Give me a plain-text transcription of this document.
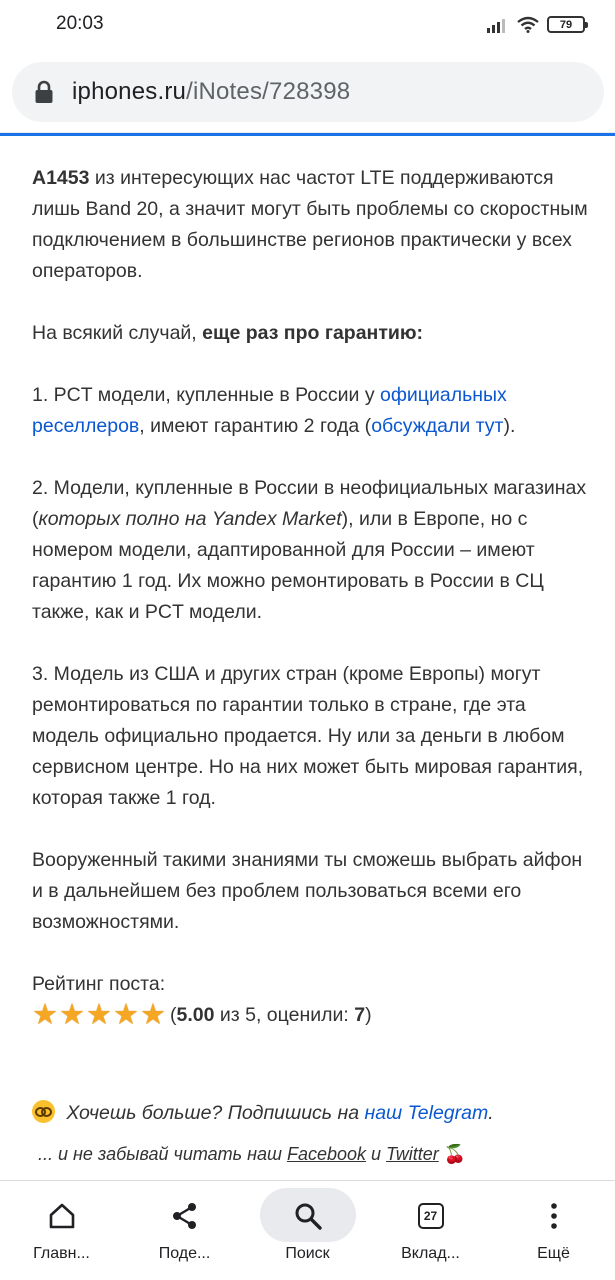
20:03	79
iphones.ru/iNotes/728398

A1453 из интересующих нас частот LTE поддерживаются лишь Band 20, а значит могут быть проблемы со скоростным подключением в большинстве регионов практически у всех операторов.

На всякий случай, еще раз про гарантию:

1. PCT модели, купленные в России у официальных реселлеров, имеют гарантию 2 года (обсуждали тут).

2. Модели, купленные в России в неофициальных магазинах (которых полно на Yandex Market), или в Европе, но с номером модели, адаптированной для России – имеют гарантию 1 год. Их можно ремонтировать в России в СЦ также, как и PCT модели.

3. Модель из США и других стран (кроме Европы) могут ремонтироваться по гарантии только в стране, где эта модель официально продается. Ну или за деньги в любом сервисном центре. Но на них может быть мировая гарантия, которая также 1 год.

Вооруженный такими знаниями ты сможешь выбрать айфон и в дальнейшем без проблем пользоваться всеми его возможностями.

Рейтинг поста:

★ ★ ★ ★ ★ (5.00 из 5, оценили: 7)
Хочешь больше? Подпишись на наш Telegram.
... и не забывай читать наш Facebook и Twitter 🍒
Главн...	Поде...	Поиск
27
Вклад...	Ещё
